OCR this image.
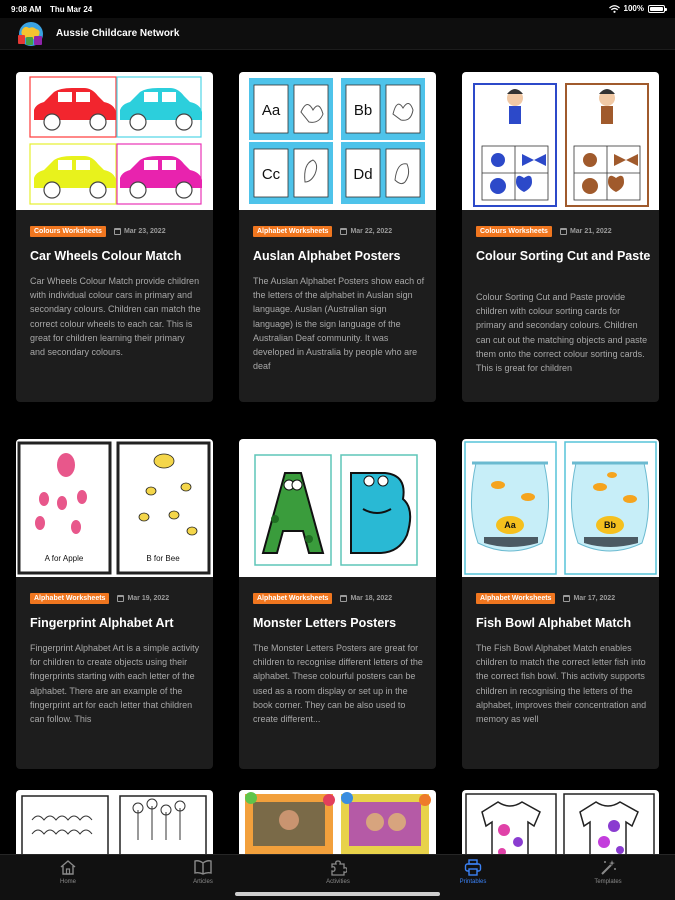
9:08 AM Thu Mar 24	100%
Aussie Childcare Network
Colours Worksheets	Mar 23, 2022
Car Wheels Colour Match
Car Wheels Colour Match provide children with individual colour cars in primary and secondary colours. Children can match the correct colour wheels to each car. This is great for children learning their primary and secondary colours.
Aa	Bb
Cc	Dd
Alphabet Worksheets	Mar 22, 2022
Auslan Alphabet Posters
The Auslan Alphabet Posters show each of the letters of the alphabet in Auslan sign language. Auslan (Australian sign language) is the sign language of the Australian Deaf community. It was developed in Australia by people who are deaf
Colours Worksheets	Mar 21, 2022
Colour Sorting Cut and Paste
Colour Sorting Cut and Paste provide children with colour sorting cards for primary and secondary colours. Children can cut out the matching objects and paste them onto the correct colour sorting cards. This is great for children
A for Apple	B for Bee
Alphabet Worksheets	Mar 19, 2022
Fingerprint Alphabet Art
Fingerprint Alphabet Art is a simple activity for children to create objects using their fingerprints starting with each letter of the alphabet. There are an example of the fingerprint art for each letter that children can follow. This
A	B
Alphabet Worksheets	Mar 18, 2022
Monster Letters Posters
The Monster Letters Posters are great for children to recognise different letters of the alphabet. These colourful posters can be used as a room display or set up in the book corner. They can be also used to create different...
Aa	Bb
Alphabet Worksheets	Mar 17, 2022
Fish Bowl Alphabet Match
The Fish Bowl Alphabet Match enables children to match the correct letter fish into the correct fish bowl. This activity supports children in recognising the letters of the alphabet, improves their concentration and memory as well
Home	Articles	Activities	Printables	Templates
